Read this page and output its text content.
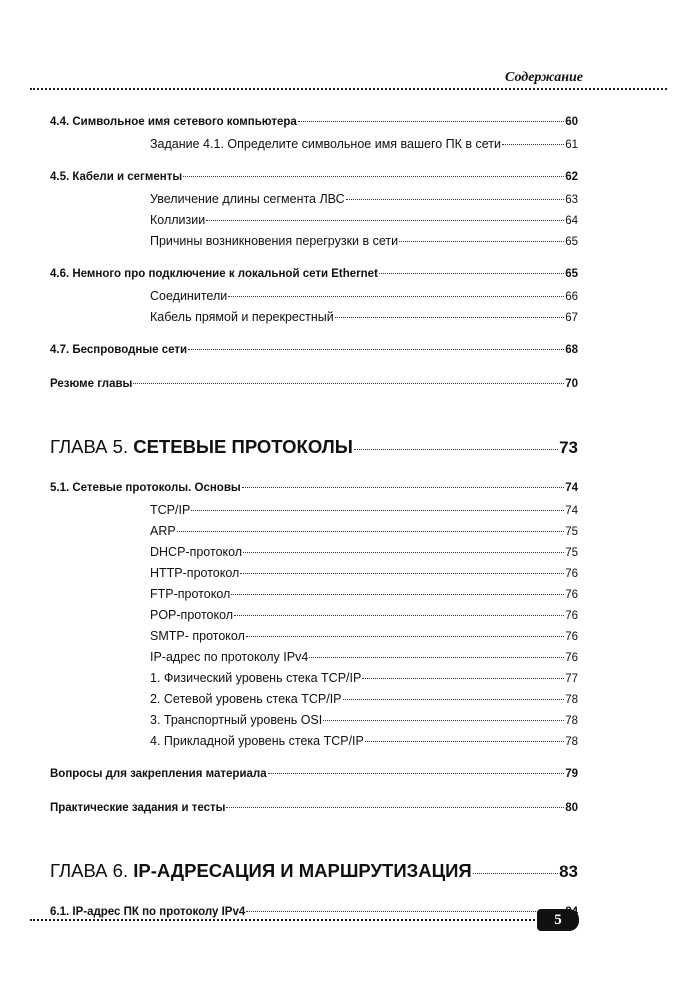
Содержание
4.4. Символьное имя сетевого компьютера	60
Задание 4.1. Определите символьное имя вашего ПК в сети	61
4.5. Кабели и сегменты	62
Увеличение длины сегмента ЛВС	63
Коллизии	64
Причины возникновения перегрузки в сети	65
4.6. Немного про подключение к локальной сети Ethernet	65
Соединители	66
Кабель прямой и перекрестный	67
4.7. Беспроводные сети	68
Резюме главы	70
ГЛАВА 5. СЕТЕВЫЕ ПРОТОКОЛЫ	73
5.1. Сетевые протоколы. Основы	74
TCP/IP	74
ARP	75
DHCP-протокол	75
HTTP-протокол	76
FTP-протокол	76
POP-протокол	76
SMTP- протокол	76
IP-адрес по протоколу IPv4	76
1. Физический уровень стека TCP/IP	77
2. Сетевой уровень стека TCP/IP	78
3. Транспортный уровень OSI	78
4. Прикладной уровень стека TCP/IP	78
Вопросы для закрепления материала	79
Практические задания и тесты	80
ГЛАВА 6. IP-АДРЕСАЦИЯ И МАРШРУТИЗАЦИЯ	83
6.1. IP-адрес ПК по протоколу IPv4	5
